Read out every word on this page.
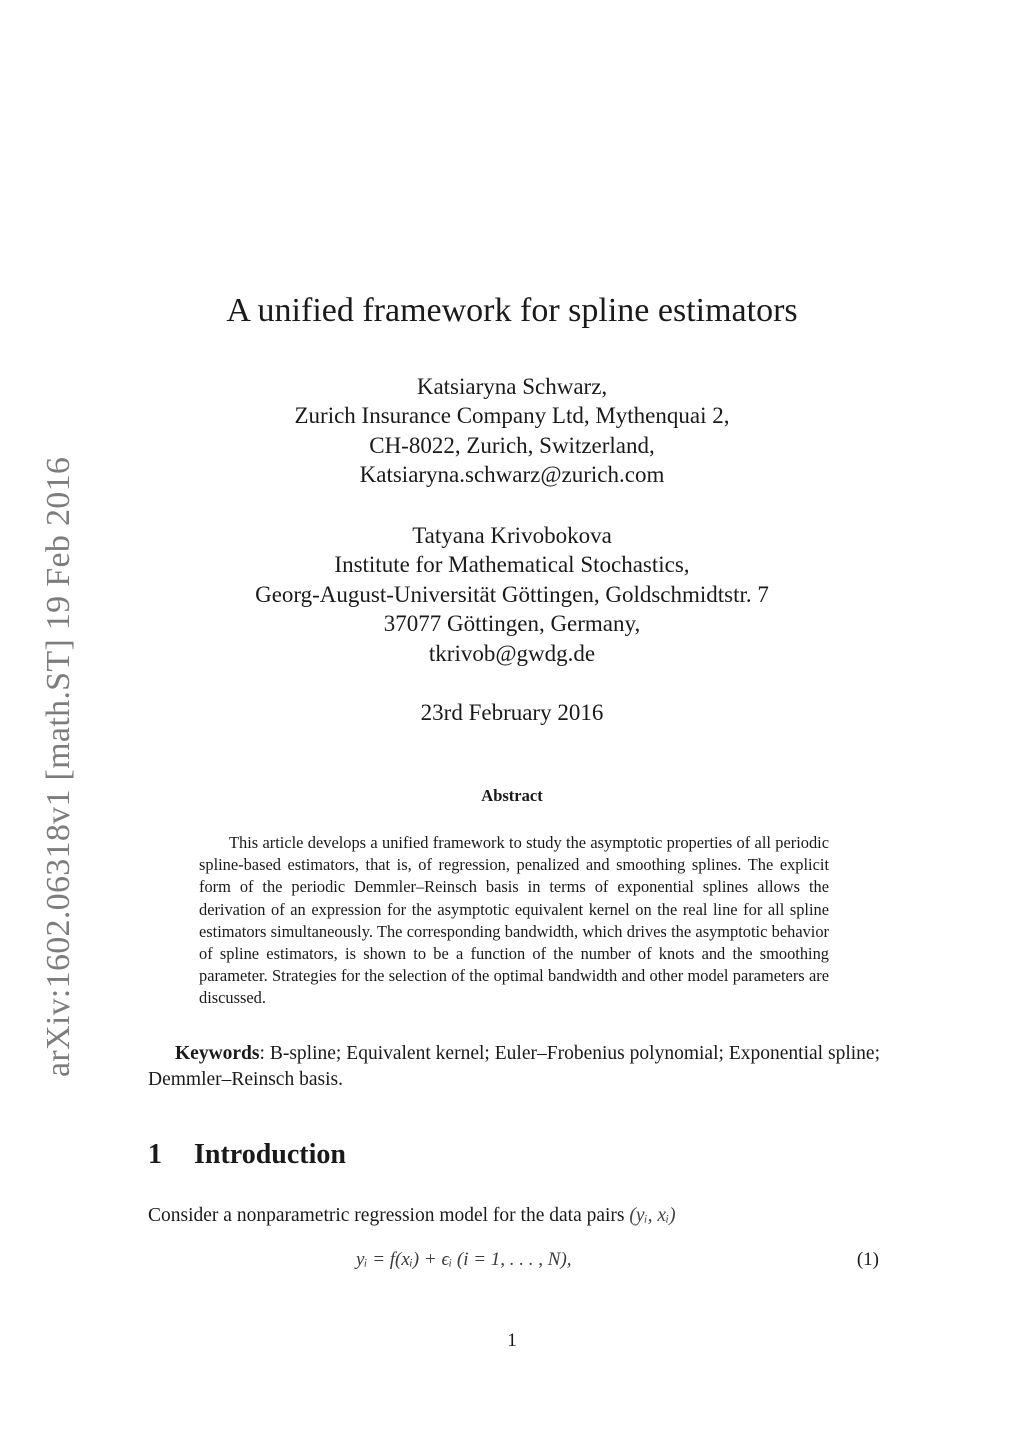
arXiv:1602.06318v1 [math.ST] 19 Feb 2016
A unified framework for spline estimators
Katsiaryna Schwarz,
Zurich Insurance Company Ltd, Mythenquai 2,
CH-8022, Zurich, Switzerland,
Katsiaryna.schwarz@zurich.com
Tatyana Krivobokova
Institute for Mathematical Stochastics,
Georg-August-Universität Göttingen, Goldschmidtstr. 7
37077 Göttingen, Germany,
tkrivob@gwdg.de
23rd February 2016
Abstract

This article develops a unified framework to study the asymptotic properties of all periodic spline-based estimators, that is, of regression, penalized and smoothing splines. The explicit form of the periodic Demmler–Reinsch basis in terms of exponential splines allows the derivation of an expression for the asymptotic equivalent kernel on the real line for all spline estimators simultaneously. The corresponding bandwidth, which drives the asymptotic behavior of spline estimators, is shown to be a function of the number of knots and the smoothing parameter. Strategies for the selection of the optimal bandwidth and other model parameters are discussed.

Keywords: B-spline; Equivalent kernel; Euler–Frobenius polynomial; Exponential spline; Demmler–Reinsch basis.

1 Introduction

Consider a nonparametric regression model for the data pairs (yᵢ, xᵢ)

yᵢ = f(xᵢ) + ϵᵢ (i = 1, . . . , N),	(1)
1
